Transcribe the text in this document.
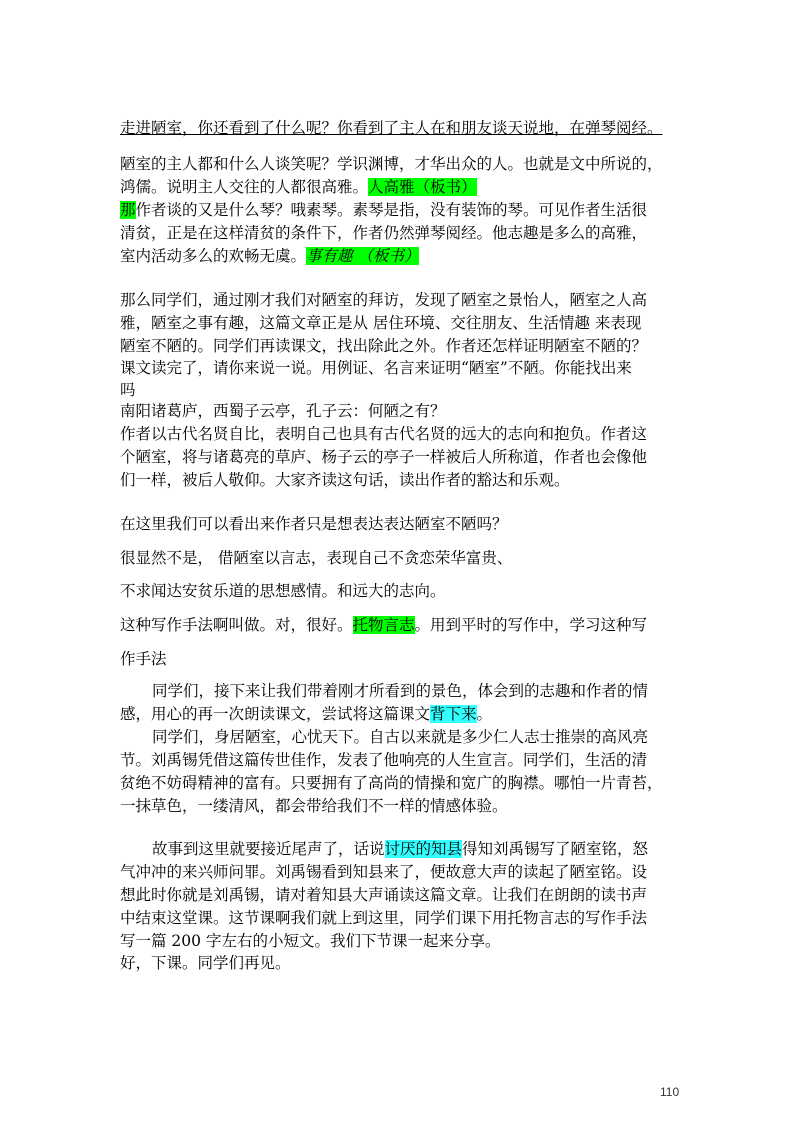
走进陋室，你还看到了什么呢？你看到了主人在和朋友谈天说地，在弹琴阅经。
陋室的主人都和什么人谈笑呢？学识渊博，才华出众的人。也就是文中所说的，
鸿儒。说明主人交往的人都很高雅。人高雅（板书）
那作者谈的又是什么琴？哦素琴。素琴是指，没有装饰的琴。可见作者生活很
清贫，正是在这样清贫的条件下，作者仍然弹琴阅经。他志趣是多么的高雅，
室内活动多么的欢畅无虞。事有趣 （板书）
那么同学们，通过刚才我们对陋室的拜访，发现了陋室之景怡人，陋室之人高
雅，陋室之事有趣，这篇文章正是从 居住环境、交往朋友、生活情趣 来表现
陋室不陋的。同学们再读课文，找出除此之外。作者还怎样证明陋室不陋的？
课文读完了，请你来说一说。用例证、名言来证明“陋室”不陋。你能找出来
吗
南阳诸葛庐，西蜀子云亭，孔子云：何陋之有？
作者以古代名贤自比，表明自己也具有古代名贤的远大的志向和抱负。作者这
个陋室，将与诸葛亮的草庐、杨子云的亭子一样被后人所称道，作者也会像他
们一样，被后人敬仰。大家齐读这句话，读出作者的豁达和乐观。
在这里我们可以看出来作者只是想表达表达陋室不陋吗？
很显然不是， 借陋室以言志，表现自己不贪恋荣华富贵、
不求闻达安贫乐道的思想感情。和远大的志向。
这种写作手法啊叫做。对，很好。托物言志。用到平时的写作中，学习这种写
作手法
同学们，接下来让我们带着刚才所看到的景色，体会到的志趣和作者的情
感，用心的再一次朗读课文，尝试将这篇课文背下来。
同学们，身居陋室，心忧天下。自古以来就是多少仁人志士推崇的高风亮
节。刘禹锡凭借这篇传世佳作，发表了他响亮的人生宣言。同学们，生活的清
贫绝不妨碍精神的富有。只要拥有了高尚的情操和宽广的胸襟。哪怕一片青苔，
一抹草色，一缕清风，都会带给我们不一样的情感体验。
故事到这里就要接近尾声了，话说讨厌的知县得知刘禹锡写了陋室铭，怒
气冲冲的来兴师问罪。刘禹锡看到知县来了，便故意大声的读起了陋室铭。设
想此时你就是刘禹锡，请对着知县大声诵读这篇文章。让我们在朗朗的读书声
中结束这堂课。这节课啊我们就上到这里，同学们课下用托物言志的写作手法
写一篇 200 字左右的小短文。我们下节课一起来分享。
好，下课。同学们再见。
110
